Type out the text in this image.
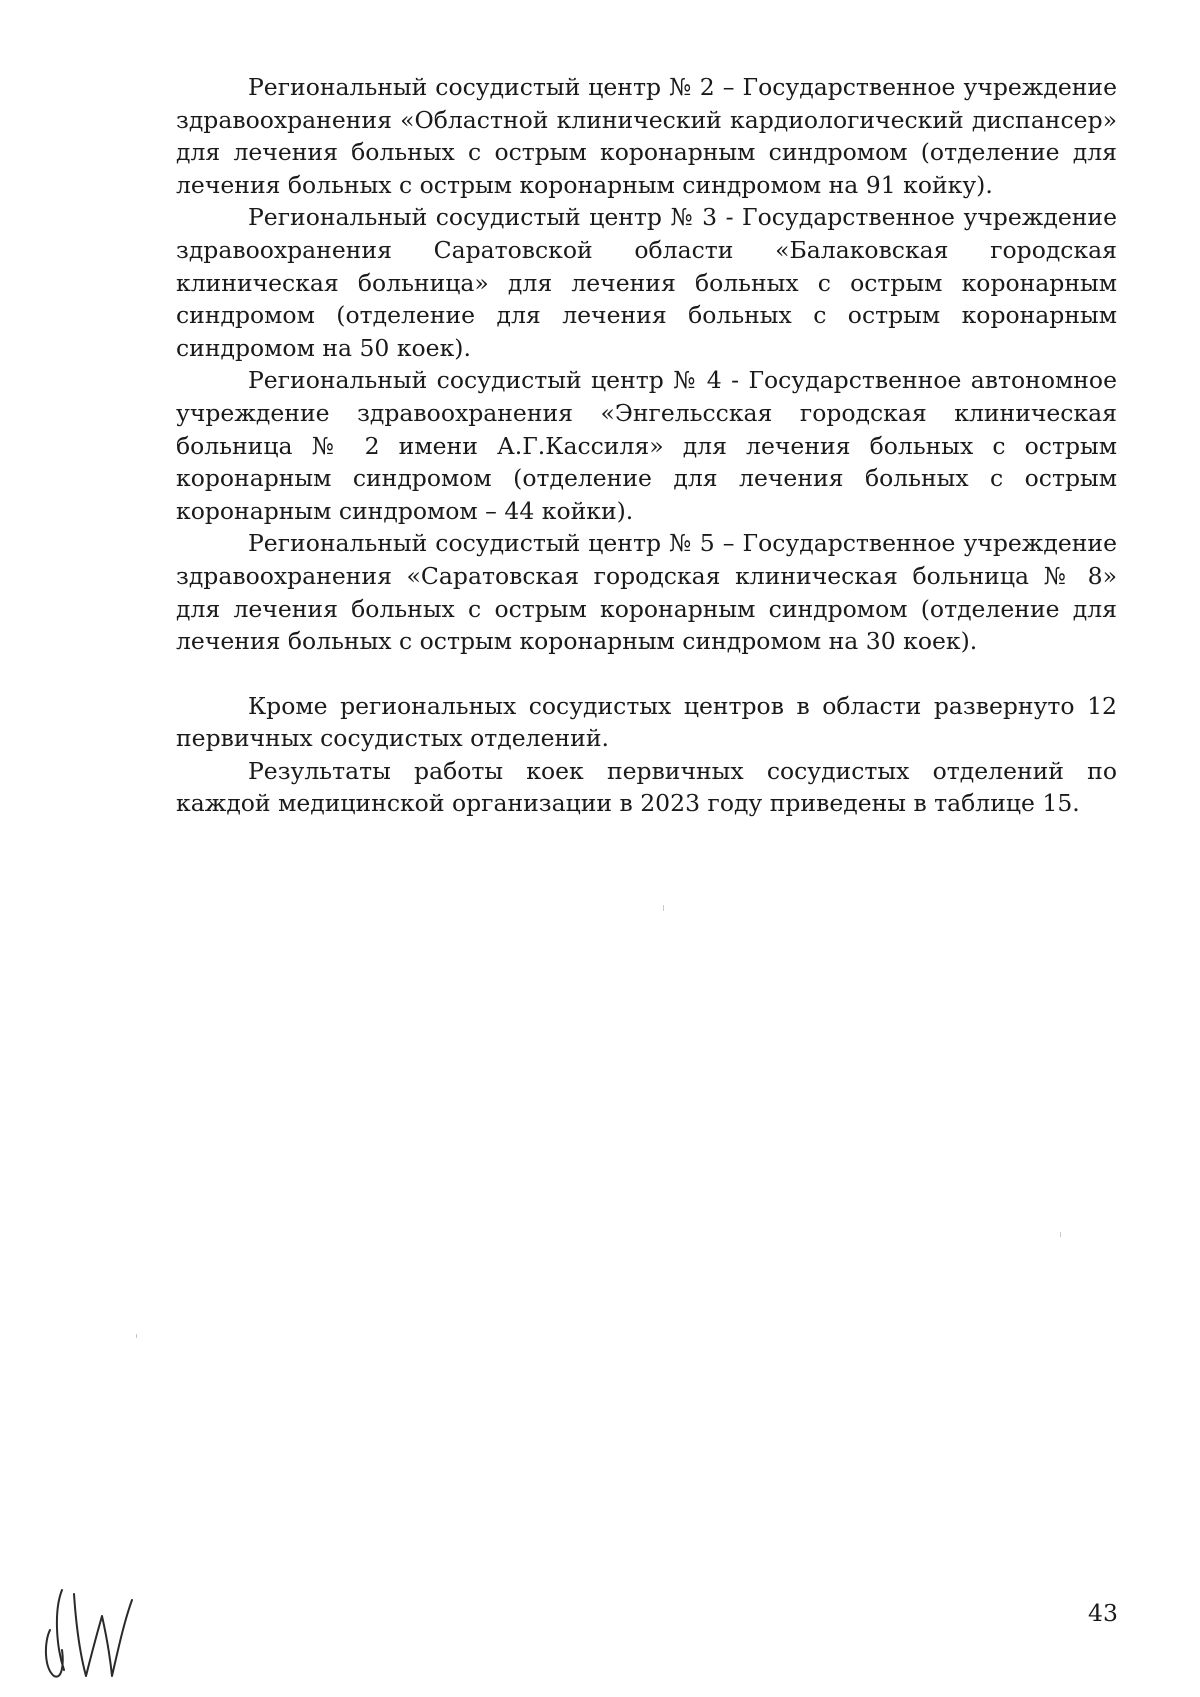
Региональный сосудистый центр № 2 – Государственное учреждение здравоохранения «Областной клинический кардиологический диспансер» для лечения больных с острым коронарным синдромом (отделение для лечения больных с острым коронарным синдромом на 91 койку).

Региональный сосудистый центр № 3 - Государственное учреждение здравоохранения Саратовской области «Балаковская городская клиническая больница» для лечения больных с острым коронарным синдромом (отделение для лечения больных с острым коронарным синдромом на 50 коек).

Региональный сосудистый центр № 4 - Государственное автономное учреждение здравоохранения «Энгельсская городская клиническая больница № 2 имени А.Г.Кассиля» для лечения больных с острым коронарным синдромом (отделение для лечения больных с острым коронарным синдромом – 44 койки).

Региональный сосудистый центр № 5 – Государственное учреждение здравоохранения «Саратовская городская клиническая больница № 8» для лечения больных с острым коронарным синдромом (отделение для лечения больных с острым коронарным синдромом на 30 коек).

Кроме региональных сосудистых центров в области развернуто 12 первичных сосудистых отделений.

Результаты работы коек первичных сосудистых отделений по каждой медицинской организации в 2023 году приведены в таблице 15.

43
